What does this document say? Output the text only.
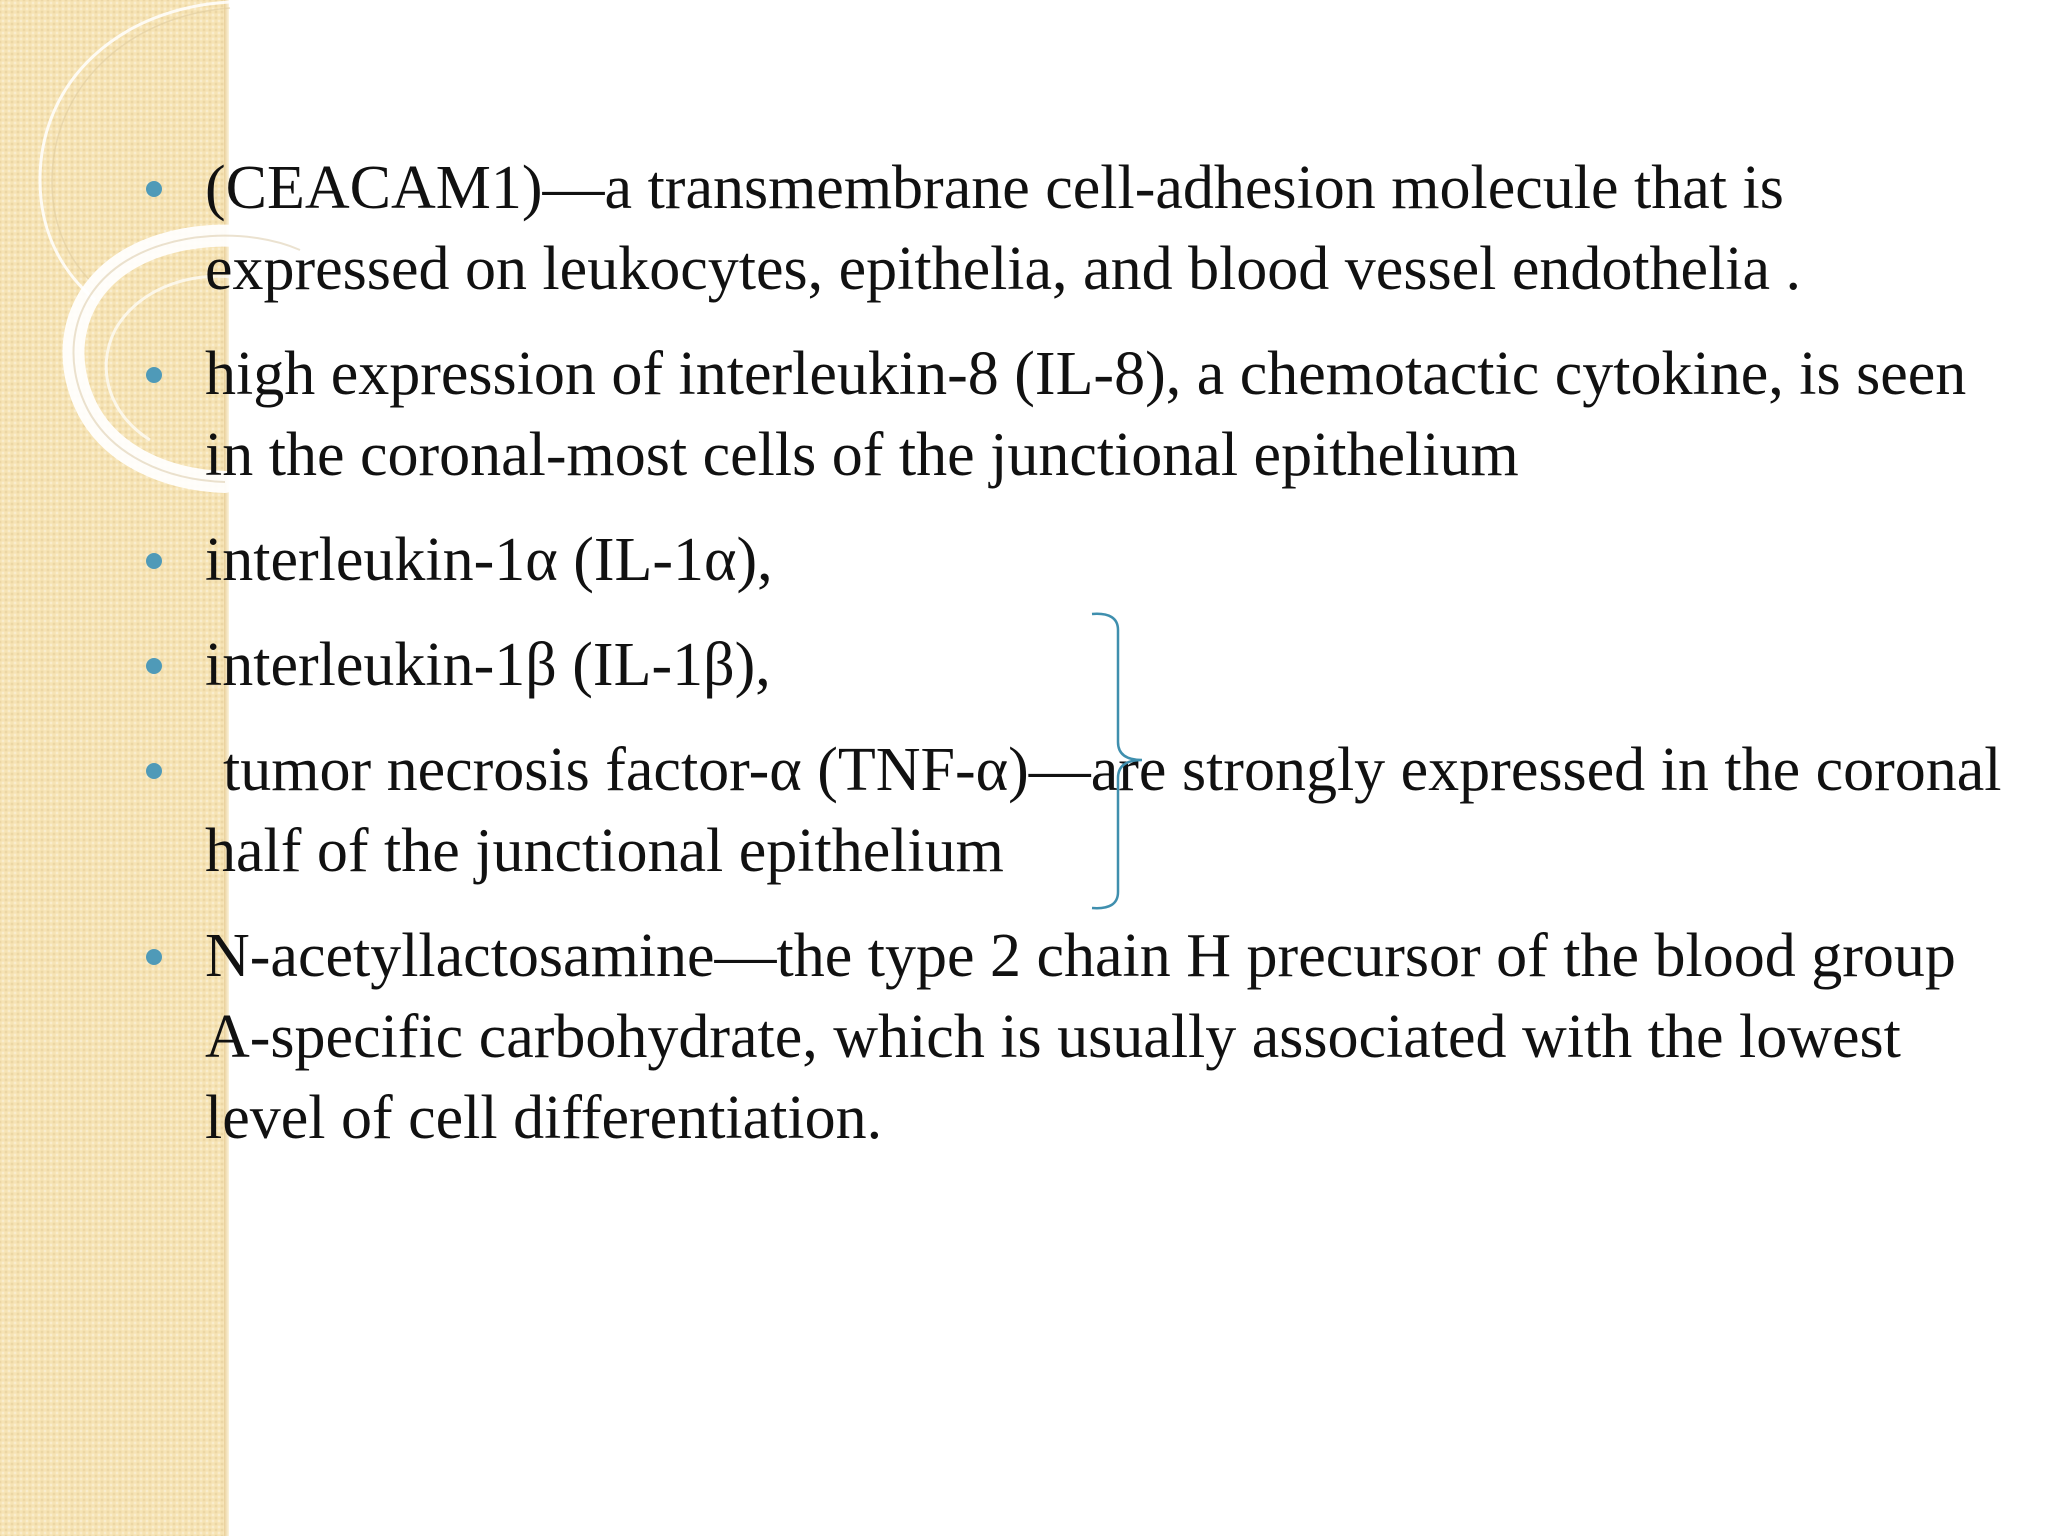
(CEACAM1)—a transmembrane cell-adhesion molecule that is expressed on leukocytes, epithelia, and blood vessel endothelia .
high expression of interleukin-8 (IL-8), a chemotactic cytokine, is seen in the coronal-most cells of the junctional epithelium
interleukin-1α (IL-1α),
interleukin-1β (IL-1β),
tumor necrosis factor-α (TNF-α)—are strongly expressed in the coronal half of the junctional epithelium
N-acetyllactosamine—the type 2 chain H precursor of the blood group A-specific carbohydrate, which is usually associated with the lowest level of cell differentiation.
